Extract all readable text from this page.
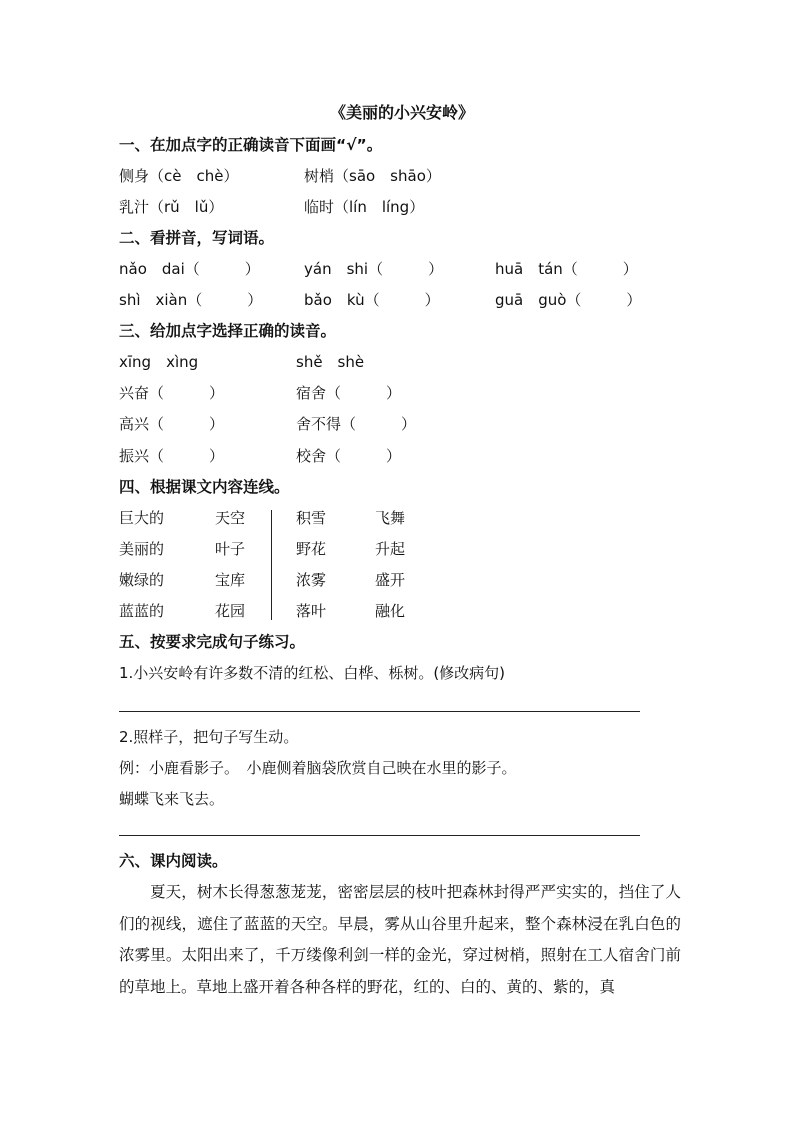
《美丽的小兴安岭》
一、在加点字的正确读音下面画“√”。
侧身（cè　chè）	树梢（sāo　shāo）
乳汁（rǔ　lǔ）	临时（lín　líng）
二、看拼音，写词语。
nǎo　dai（　　　）	yán　shi（　　　）	huā　tán（　　　）
shì　xiàn（　　　）	bǎo　kù（　　　）	guā　guò（　　　）
三、给加点字选择正确的读音。
xīng　xìng	shě　shè
兴奋（　　　）	宿舍（　　　）
高兴（　　　）	舍不得（　　　）
振兴（　　　）	校舍（　　　）
四、根据课文内容连线。
巨大的	天空	积雪	飞舞
美丽的	叶子	野花	升起
嫩绿的	宝库	浓雾	盛开
蓝蓝的	花园	落叶	融化
五、按要求完成句子练习。
1.小兴安岭有许多数不清的红松、白桦、栎树。(修改病句)
2.照样子，把句子写生动。
例：小鹿看影子。　小鹿侧着脑袋欣赏自己映在水里的影子。
蝴蝶飞来飞去。
六、课内阅读。
夏天，树木长得葱葱茏茏，密密层层的枝叶把森林封得严严实实的，挡住了人们的视线，遮住了蓝蓝的天空。早晨，雾从山谷里升起来，整个森林浸在乳白色的浓雾里。太阳出来了，千万缕像利剑一样的金光，穿过树梢，照射在工人宿舍门前的草地上。草地上盛开着各种各样的野花，红的、白的、黄的、紫的，真
